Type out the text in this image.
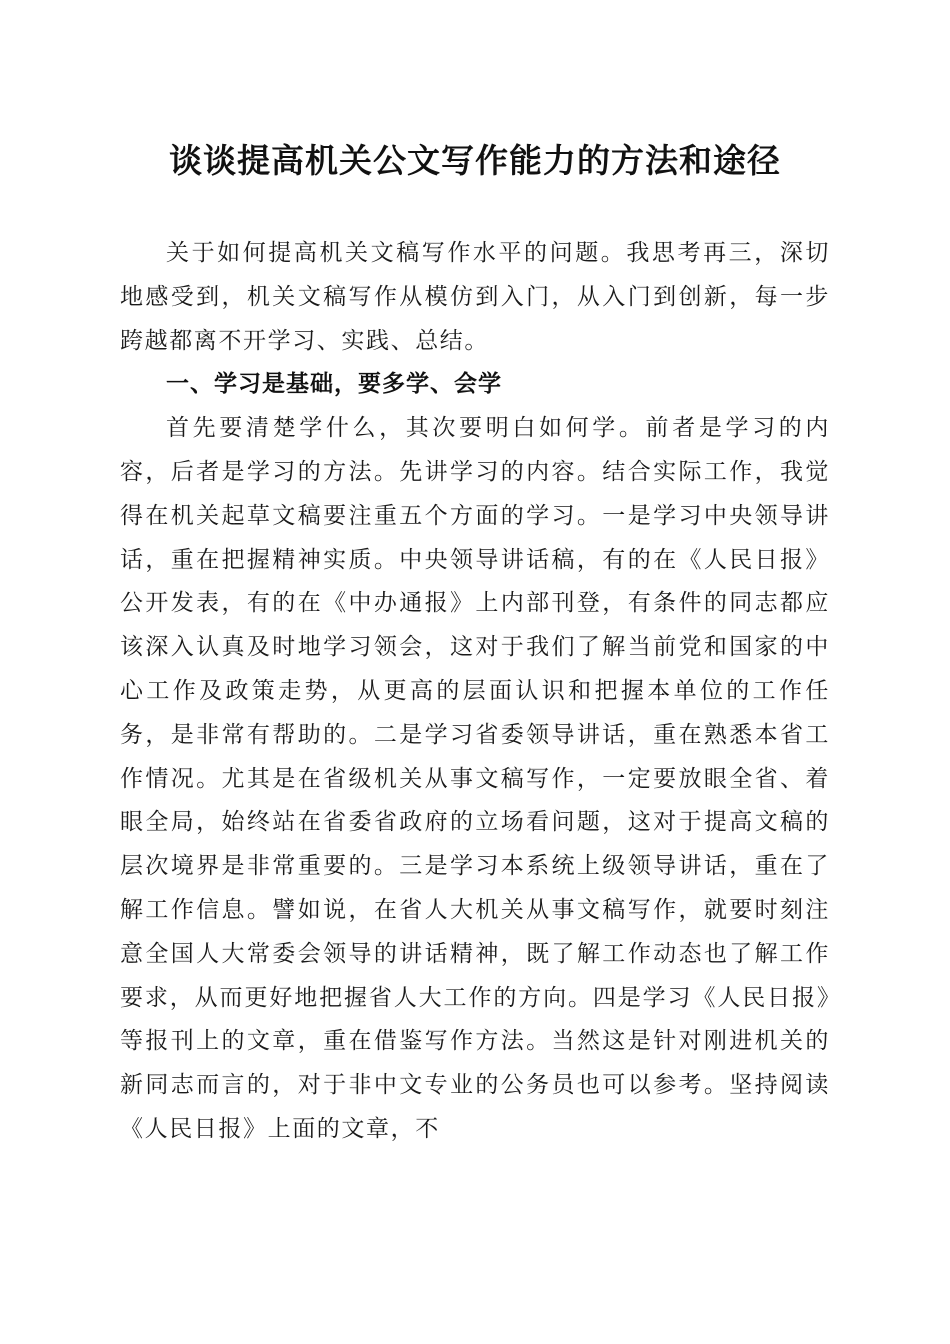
谈谈提高机关公文写作能力的方法和途径

关于如何提高机关文稿写作水平的问题。我思考再三，深切地感受到，机关文稿写作从模仿到入门，从入门到创新，每一步跨越都离不开学习、实践、总结。

一、学习是基础，要多学、会学

首先要清楚学什么，其次要明白如何学。前者是学习的内容，后者是学习的方法。先讲学习的内容。结合实际工作，我觉得在机关起草文稿要注重五个方面的学习。一是学习中央领导讲话，重在把握精神实质。中央领导讲话稿，有的在《人民日报》公开发表，有的在《中办通报》上内部刊登，有条件的同志都应该深入认真及时地学习领会，这对于我们了解当前党和国家的中心工作及政策走势，从更高的层面认识和把握本单位的工作任务，是非常有帮助的。二是学习省委领导讲话，重在熟悉本省工作情况。尤其是在省级机关从事文稿写作，一定要放眼全省、着眼全局，始终站在省委省政府的立场看问题，这对于提高文稿的层次境界是非常重要的。三是学习本系统上级领导讲话，重在了解工作信息。譬如说，在省人大机关从事文稿写作，就要时刻注意全国人大常委会领导的讲话精神，既了解工作动态也了解工作要求，从而更好地把握省人大工作的方向。四是学习《人民日报》等报刊上的文章，重在借鉴写作方法。当然这是针对刚进机关的新同志而言的，对于非中文专业的公务员也可以参考。坚持阅读《人民日报》上面的文章，不
